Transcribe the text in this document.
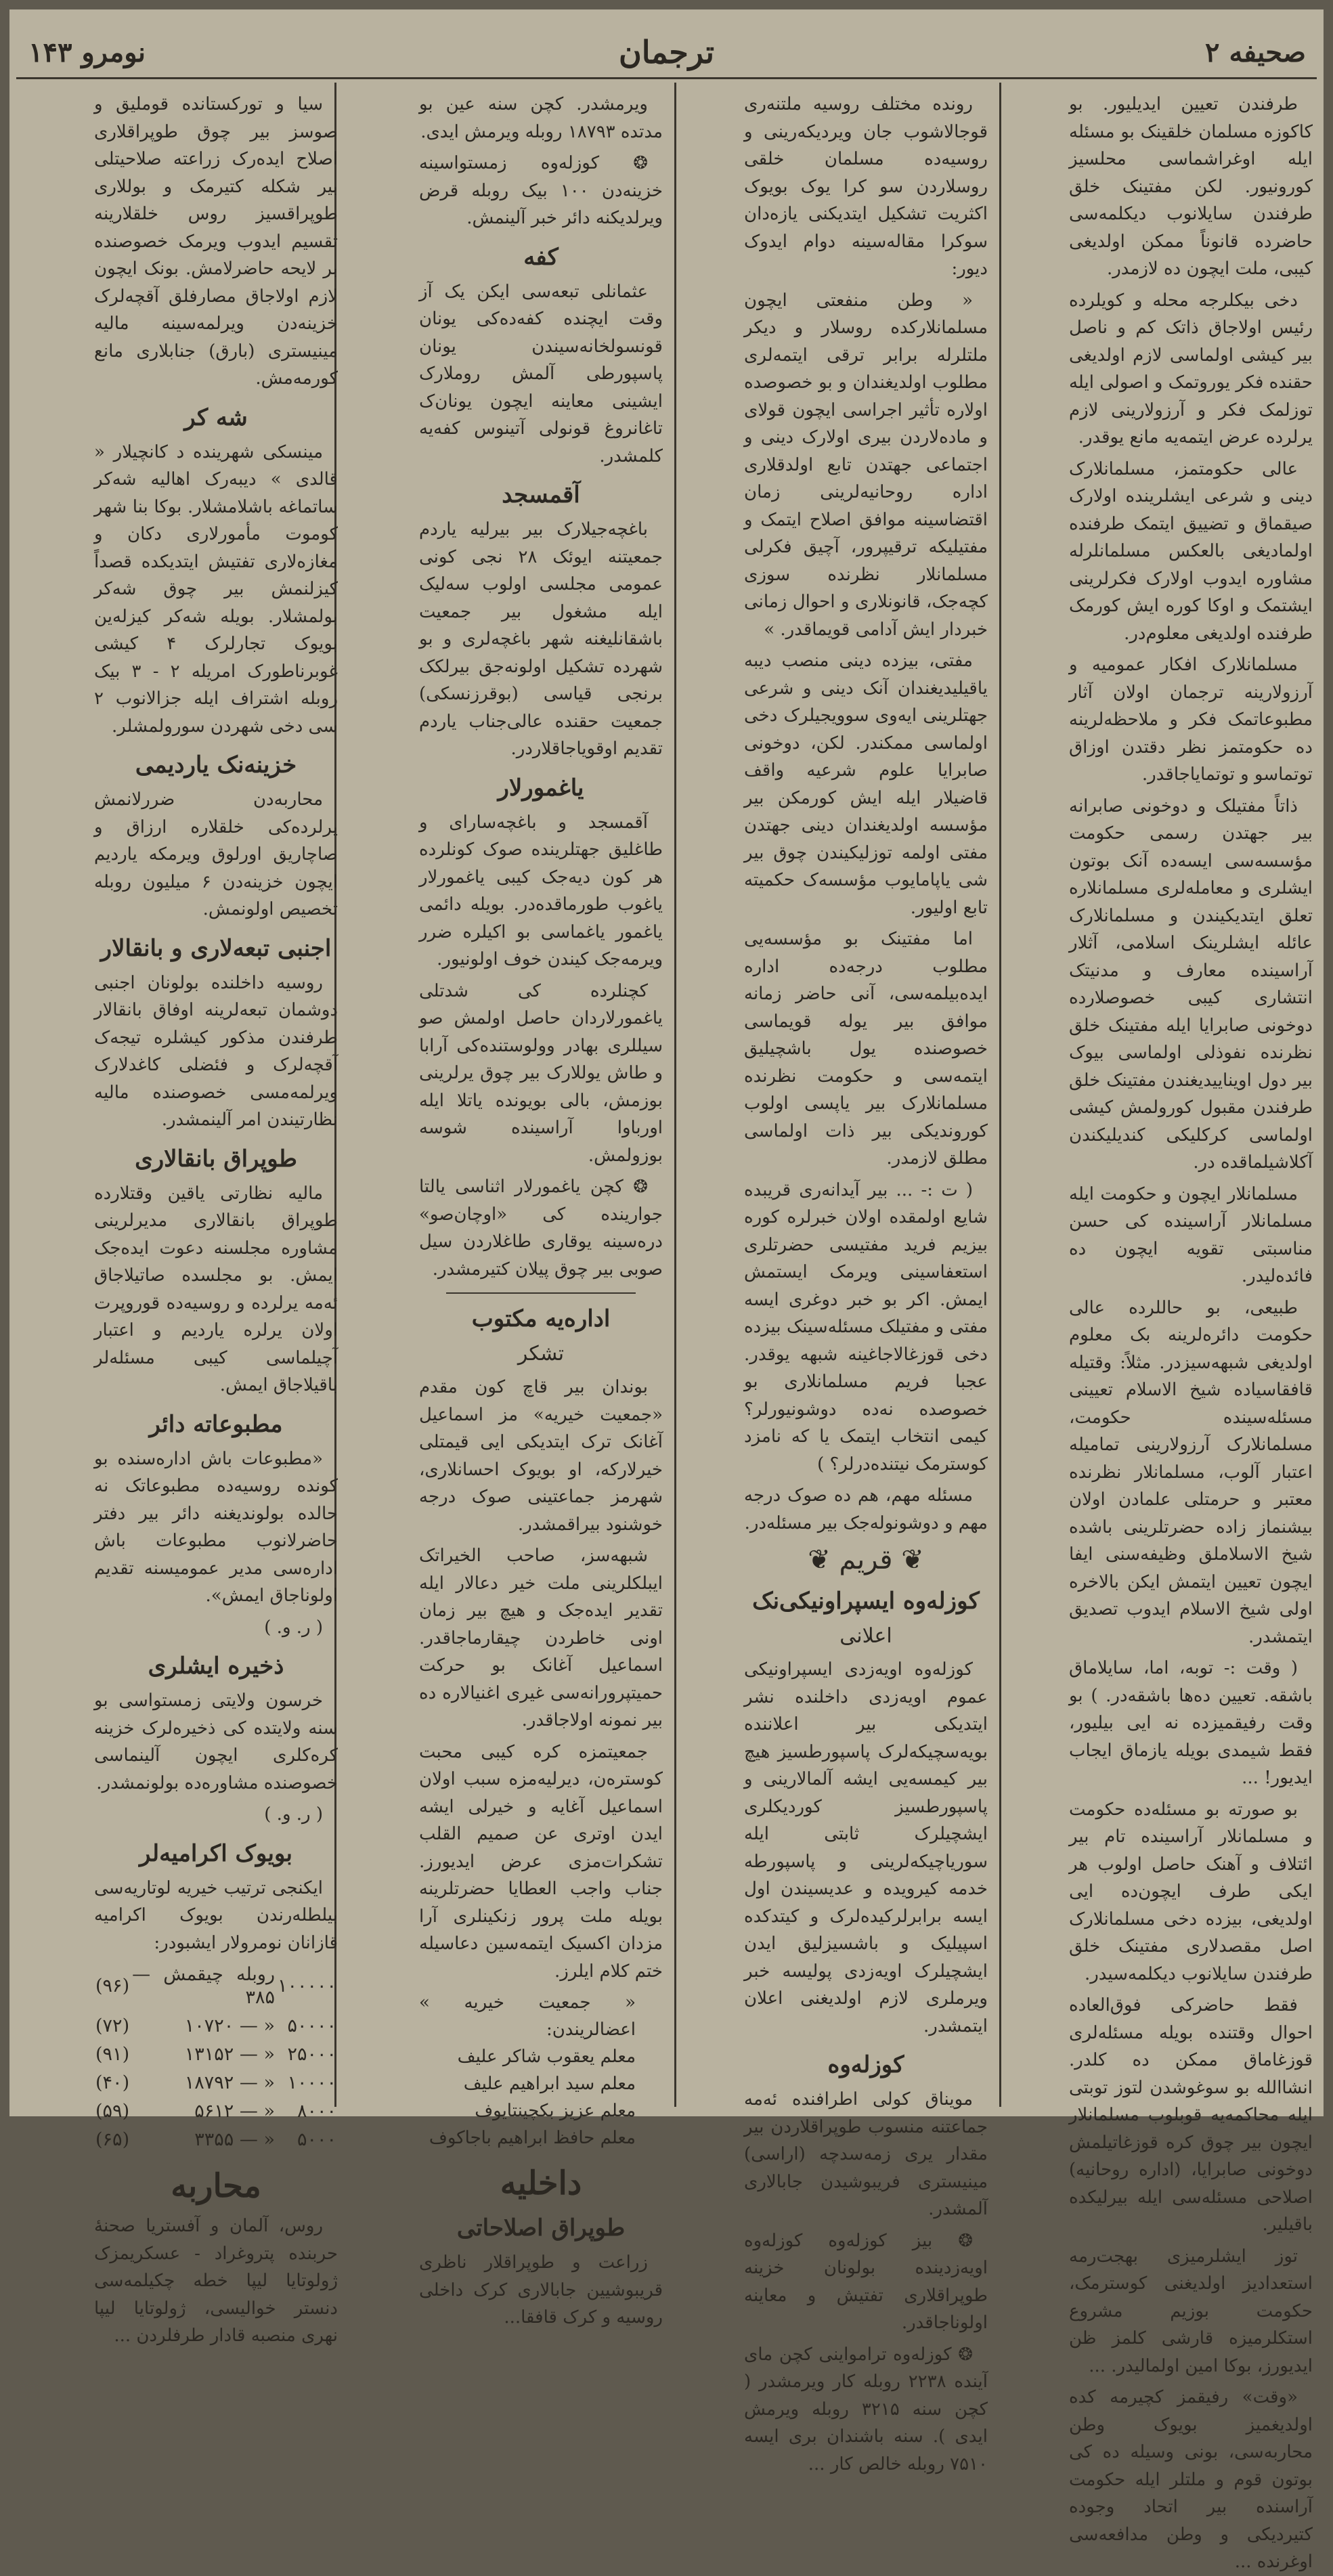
صحیفه ۲
ترجمان
نومرو ۱۴۳

طرفندن تعیین ایدیلیور. بو کاکوزه مسلمان خلقینک بو مسئله ایله اوغراشماسی محلسیز کورونیور. لکن مفتینک خلق طرفندن سایلانوب دیکلمه‌سی حاضرده قانوناً ممکن اولدیغی کیبی، ملت ایچون ده لازمدر.

دخی بیکلرجه محله و کویلرده رئیس اولاجاق ذاتک کم و ناصل بیر کیشی اولماسی لازم اولدیغی حقنده فکر یوروتمک و اصولی ایله توزلمک فکر و آرزولارینی لازم یرلرده عرض ایتمه‌یه مانع یوقدر.

عالی حکومتمز، مسلمانلارک دینی و شرعی ایشلرینده اولارک صیقماق و تضییق ایتمک طرفنده اولمادیغی بالعکس مسلمانلرله مشاوره ایدوب اولارک فکرلرینی ایشتمک و اوکا کوره ایش کورمک طرفنده اولدیغی معلوم‌در.

مسلمانلارک افکار عمومیه و آرزولارینه ترجمان اولان آثار مطبوعاتمک فکر و ملاحظه‌لرینه ده حکومتمز نظر دقتدن اوزاق توتماسو و توتمایاجاقدر.

ذاتاً مفتیلک و دوخونی صابرانه بیر جهتدن رسمی حکومت مؤسسه‌سی ایسه‌ده آنک بوتون ایشلری و معامله‌لری مسلمانلاره تعلق ایتدیکیندن و مسلمانلارک عائله ایشلرینک اسلامی، آثلار آراسینده معارف و مدنیتک انتشاری کیبی خصوصلارده دوخونی صابرایا ایله مفتینک خلق نظرنده نفوذلی اولماسی بیوک بیر دول اویناییدیغندن مفتینک خلق طرفندن مقبول کورولمش کیشی اولماسی کرکلیکی کندیلیکندن آکلاشیلماقده در.

مسلمانلار ایچون و حکومت ایله مسلمانلار آراسینده کی حسن مناسبتی تقویه ایچون ده فائده‌لیدر.

طبیعی، بو حاللرده عالی حکومت دائره‌لرینه بک معلوم اولدیغی شبهه‌سیزدر. مثلاً: وقتیله قافقاسیاده شیخ الاسلام تعیینی مسئله‌سینده حکومت، مسلمانلارک آرزولارینی تمامیله اعتبار آلوب، مسلمانلار نظرنده معتبر و حرمتلی علمادن اولان بیشنماز زاده حضرتلرینی باشده شیخ الاسلاملق وظیفه‌سنی ایفا ایچون تعیین ایتمش ایکن بالاخره اولی شیخ الاسلام ایدوب تصدیق ایتمشدر.

( وقت :- توبه، اما، سایلاماق باشقه. تعیین ده‌ها باشقه‌در. ) بو وقت رفیقمیزده نه ایی بیلیور، فقط شیمدی بویله یازماق ایجاب ایدیور! ...

بو صورته بو مسئله‌ده حکومت و مسلمانلار آراسینده تام بیر ائتلاف و آهنک حاصل اولوب هر ایکی طرف ایچون‌ده ایی اولدیغی، بیزده دخی مسلمانلارک اصل مقصدلاری مفتینک خلق طرفندن سایلانوب دیکلمه‌سیدر.

فقط حاضرکی فوق‌العاده احوال وقتنده بویله مسئله‌لری قوزغاماق ممکن ده کلدر. انشاالله بو سوغوشدن لتوز توبتی ایله محاکمه‌یه قوبلوب مسلمانلار ایچون بیر چوق کره قوزغاتیلمش دوخونی صابرایا، (اداره روحانیه) اصلاحی مسئله‌سی ایله بیرلیکده باقیلیر.

توز ایشلرمیزی بهجت‌رمه استعدادیز اولدیغنی کوسترمک، حکومت بوزیم مشروع استکلرمیزه قارشی کلمز ظن ایدیورز، بوکا امین اولمالیدر. ...

«وقت» رفیقمز کچیرمه کده اولدیغمیز بویوک وطن محاربه‌سی، بونی وسیله ده کی بوتون قوم و ملتلر ایله حکومت آراسنده بیر اتحاد وجوده کتیردیکی و وطن مدافعه‌سی اوغرنده ...

رونده مختلف روسیه ملتنه‌ری قوجالاشوب جان ویردیکه‌رینی و روسیه‌ده مسلمان خلقی روسلاردن سو کرا یوک بویوک اکثریت تشکیل ایتدیکنی یازه‌دان سوکرا مقاله‌سینه دوام ایدوک دیور:

« وطن منفعتی ایچون مسلمانلارکده روسلار و دیکر ملتلرله برابر ترقی ایتمه‌لری مطلوب اولدیغندان و بو خصوصده اولاره تأثیر اجراسی ایچون قولای و ماده‌لاردن بیری اولارک دینی و اجتماعی جهتدن تابع اولدقلاری اداره روحانیه‌لرینی زمان اقتضاسینه موافق اصلاح ایتمک و مفتیلیکه ترقیپرور، آچیق فکرلی مسلمانلار نظرنده سوزی کچه‌جک، قانونلاری و احوال زمانی خبردار ایش آدامی قویماقدر. »

مفتی، بیزده دینی منصب دیبه یاقیلیدیغندان آنک دینی و شرعی جهتلرینی ایه‌وی سوویجیلرک دخی اولماسی ممکندر. لکن، دوخونی صابرایا علوم شرعیه واقف قاضیلار ایله ایش کورمکن بیر مؤسسه اولدیغندان دینی جهتدن مفتی اولمه توزلیکیندن چوق بیر شی یاپامایوب مؤسسه‌ک حکمیته تابع اولیور.

اما مفتینک بو مؤسسه‌یی مطلوب درجه‌ده اداره ایده‌بیلمه‌سی، آنی حاضر زمانه موافق بیر یوله قویماسی خصوصنده یول باشچیلیق ایتمه‌سی و حکومت نظرنده مسلمانلارک بیر یاپسی اولوب کوروندیکی بیر ذات اولماسی مطلق لازمدر.

( ت :- ... بیر آیدانه‌ری قریبده شایع اولمقده اولان خبرلره کوره بیزیم فرید مفتیسی حضرتلری استعفاسینی ویرمک ایستمش ایمش. اکر بو خبر دوغری ایسه مفتی و مفتیلک مسئله‌سینک بیزده دخی قوزغالاجاغینه شبهه یوقدر. عجبا فریم مسلمانلاری بو خصوصده نه‌ده دوشونیورلر؟ کیمی انتخاب ایتمک یا که نامزد کوسترمک نیتنده‌درلر؟ )

مسئله مهم، هم ده صوک درجه مهم و دوشونوله‌جک بیر مسئله‌در.

❦ قریم ❦
کوزله‌وه ایسپراونیکی‌نک
اعلانی

کوزله‌وه اویه‌زدی ایسپراونیکی عموم اویه‌زدی داخلنده نشر ایتدیکی بیر اعلاننده بویه‌سچیکه‌لرک پاسپورطسیز هیچ بیر کیمسه‌یی ایشه آلمالارینی و پاسپورطسیز کوردیکلری ایشچیلرک ثابتی ایله سوریاچیکه‌لرینی و پاسپورطه خدمه کیرویده و عدیسیندن اول ایسه برابرلرکیده‌لرک و کیتدکده اسپیلیک و باشسیزلیق ایدن ایشچیلرک اویه‌زدی پولیسه خبر ویرملری لازم اولدیغنی اعلان ایتمشدر.

کوزله‌وه

مویناق کولی اطرافنده ئه‌مه جماعتنه منسوب طوپراقلاردن بیر مقدار یری زمه‌سدچه (اراسی) مینیستری فریبوشیدن جابالاری آلمشدر.

❂ بیز کوزله‌وه کوزله‌وه اویه‌زدینده بولونان خزینه طوپراقلاری تفتیش و معاینه اولوناجاقدر.

❂ کوزله‌وه ترامواینی کچن مای آینده ۲۲۳۸ روبله کار ویرمشدر ( کچن سنه ۳۲۱۵ روبله ویرمش ایدی ). سنه باشندان بری ایسه ۷۵۱۰ روبله خالص کار ...

ویرمشدر. کچن سنه عین بو مدتده ۱۸۷۹۳ روبله ویرمش ایدی.

❂ کوزله‌وه زمستواسینه خزینه‌دن ۱۰۰ بیک روبله قرض ویرلدیکنه دائر خبر آلینمش.

کفه

عثمانلی تبعه‌سی ایکن یک آز وقت ایچنده کفه‌ده‌کی یونان قونسولخانه‌سیندن یونان پاسپورطی آلمش روملارک ایشینی معاینه ایچون یونان‌ک تاغانروغ قونولی آتینوس کفه‌یه کلمشدر.

آقمسجد

باغچه‌جیلارک بیر بیرلیه یاردم جمعیتنه ایوئک ۲۸ نجی کونی عمومی مجلسی اولوب سه‌لیک ایله مشغول بیر جمعیت باشقانلیغنه شهر باغچه‌لری و بو شهرده تشکیل اولونه‌جق بیرلکک برنجی قیاسی (بوقرزنسکی) جمعیت حقنده عالی‌جناب یاردم تقدیم اوقویاجاقلاردر.

یاغمورلار

آقمسجد و باغچه‌سارای و طاغلیق جهتلرینده صوک کونلرده هر کون دیه‌جک کیبی یاغمورلار یاغوب طورماقده‌در. بویله دائمی یاغمور یاغماسی بو اکیلره ضرر ویرمه‌جک کیندن خوف اولونیور.

کچنلرده کی شدتلی یاغمورلاردان حاصل اولمش صو سیللری بهادر وولوستنده‌کی آرابا و طاش یوللارک بیر چوق یرلرینی بوزمش، بالی بویونده یاتلا ایله اورباوا آراسینده شوسه بوزولمش.

❂ کچن یاغمورلار اثناسی یالتا جوارینده کی «اوچان‌صو» دره‌سینه یوقاری طاغلاردن سیل صوبی بیر چوق پیلان کتیرمشدر.

اداره‌یه مکتوب
تشکر

بوندان بیر قاچ کون مقدم «جمعیت خیریه» مز اسماعیل آغانک ترک ایتدیکی ایی قیمتلی خیرلارکه، او بویوک احسانلاری، شهرمز جماعتینی صوک درجه خوشنود بیراقمشدر.

شبهه‌سز، صاحب الخیراتک ایبلکلرینی ملت خیر دعالار ایله تقدیر ایده‌جک و هیچ بیر زمان اونی خاطردن چیقارماجاقدر. اسماعیل آغانک بو حرکت حمیتپرورانه‌سی غیری اغنیالاره ده بیر نمونه اولاجاقدر.

جمعیتمزه کره کیبی محبت کوستره‌ن، دیرلیه‌مزه سبب اولان اسماعیل آغایه و خیرلی ایشه ایدن اوتری عن صمیم القلب تشکرات‌مزی عرض ایدیورز. جناب واجب العطایا حضرتلرینه بویله ملت پرور زنکینلری آرا مزدان اکسیک ایتمه‌سین دعاسیله ختم کلام ایلرز.

« جمعیت خیریه » اعضالریندن:

معلم یعقوب شاکر علیف

معلم سید ابراهیم علیف

معلم عزیز بکچینتایوف

معلم حافظ ابراهیم باجاکوف

داخلیه
طوپراق اصلاحاتی

زراعت و طوپراقلار ناظری قریبوشیین جابالاری کرک داخلی روسیه و کرک قافقا...

سیا و تورکستانده قوملیق و صوسز بیر چوق طوپراقلاری اصلاح ایده‌رک زراعته صلاحیتلی بیر شکله کتیرمک و بوللاری طوپراقسیز روس خلقلارینه تقسیم ایدوب ویرمک خصوصنده بر لایحه حاضرلامش. بونک ایچون لازم اولاجاق مصارفلق آقچه‌لرک خزینه‌دن ویرلمه‌سینه مالیه مینیستری (بارق) جنابلاری مانع کورمه‌مش.

شه کر

مینسکی شهرینده د کانچیلار « قالدی » دیبه‌رک اهالیه شه‌کر ساتماغه باشلامشلار. بوکا بنا شهر کوموت مأمورلاری دکان و مغازه‌لاری تفتیش ایتدیکده قصداً کیزلنمش بیر چوق شه‌کر بولمشلار. بویله شه‌کر کیزله‌ین بویوک تجارلرک ۴ کیشی غوبرناطورک امریله ۲ - ۳ بیک روبله اشتراف ایله جزالانوب ۲ سی دخی شهردن سورولمشلر.

خزینه‌نک یاردیمی

محاربه‌دن ضررلانمش یرلرده‌کی خلقلاره ارزاق و صاچاریق اورلوق ویرمکه یاردیم ایچون خزینه‌دن ۶ میلیون روبله تخصیص اولونمش.

اجنبی تبعه‌لاری و بانقالار

روسیه داخلنده بولونان اجنبی دوشمان تبعه‌لرینه اوفاق بانقالار طرفندن مذکور کیشلره تیجه‌ک آقچه‌لرک و فئضلی کاغدلارک ویرلمه‌مسی خصوصنده مالیه نظارتیندن امر آلینمشدر.

طوپراق بانقالاری

مالیه نظارتی یاقین وقتلارده طوپراق بانقالاری مدیرلرینی مشاوره مجلسنه دعوت ایده‌جک ایمش. بو مجلسده صاتیلاجاق ئه‌مه یرلرده و روسیه‌ده قوروپرت اولان یرلره یاردیم و اعتبار آچیلماسی کیبی مسئله‌لر باقیلاجاق ایمش.

مطبوعاته دائر

«مطبوعات باش اداره‌سنده بو کونده روسیه‌ده مطبوعاتک نه حالده بولوندیغنه دائر بیر دفتر حاضرلانوب مطبوعات باش اداره‌سی مدیر عمومیسنه تقدیم اولوناجاق ایمش».

( ر. و. )

ذخیره ایشلری

خرسون ولایتی زمستواسی بو سنه ولایتده کی ذخیره‌لرک خزینه کره‌کلری ایچون آلینماسی خصوصنده مشاوره‌ده بولونمشدر.

( ر. و. )

بویوک اکرامیه‌لر

ایکنجی ترتیب خیریه لوتاریه‌سی بیلطله‌رندن بویوک اکرامیه قازانان نومرولار ایشبودر:

۱۰۰۰۰۰	روبله چیقمش — ۳۸۵	(۹۶)
۵۰۰۰۰	« — ۱۰۷۲۰	(۷۲)
۲۵۰۰۰	« — ۱۳۱۵۲	(۹۱)
۱۰۰۰۰	« — ۱۸۷۹۲	(۴۰)
۸۰۰۰	« — ۵۶۱۲	(۵۹)
۵۰۰۰	« — ۳۳۵۵	(۶۵)
محاربه

روس، آلمان و آفستریا صحنۀ حربنده پتروغراد - عسکریمزک ژولوتایا لیپا خطه چکیلمه‌سی دنستر خوالیسی، ژولوتایا لیپا نهری منصبه قادار طرفلردن ...
